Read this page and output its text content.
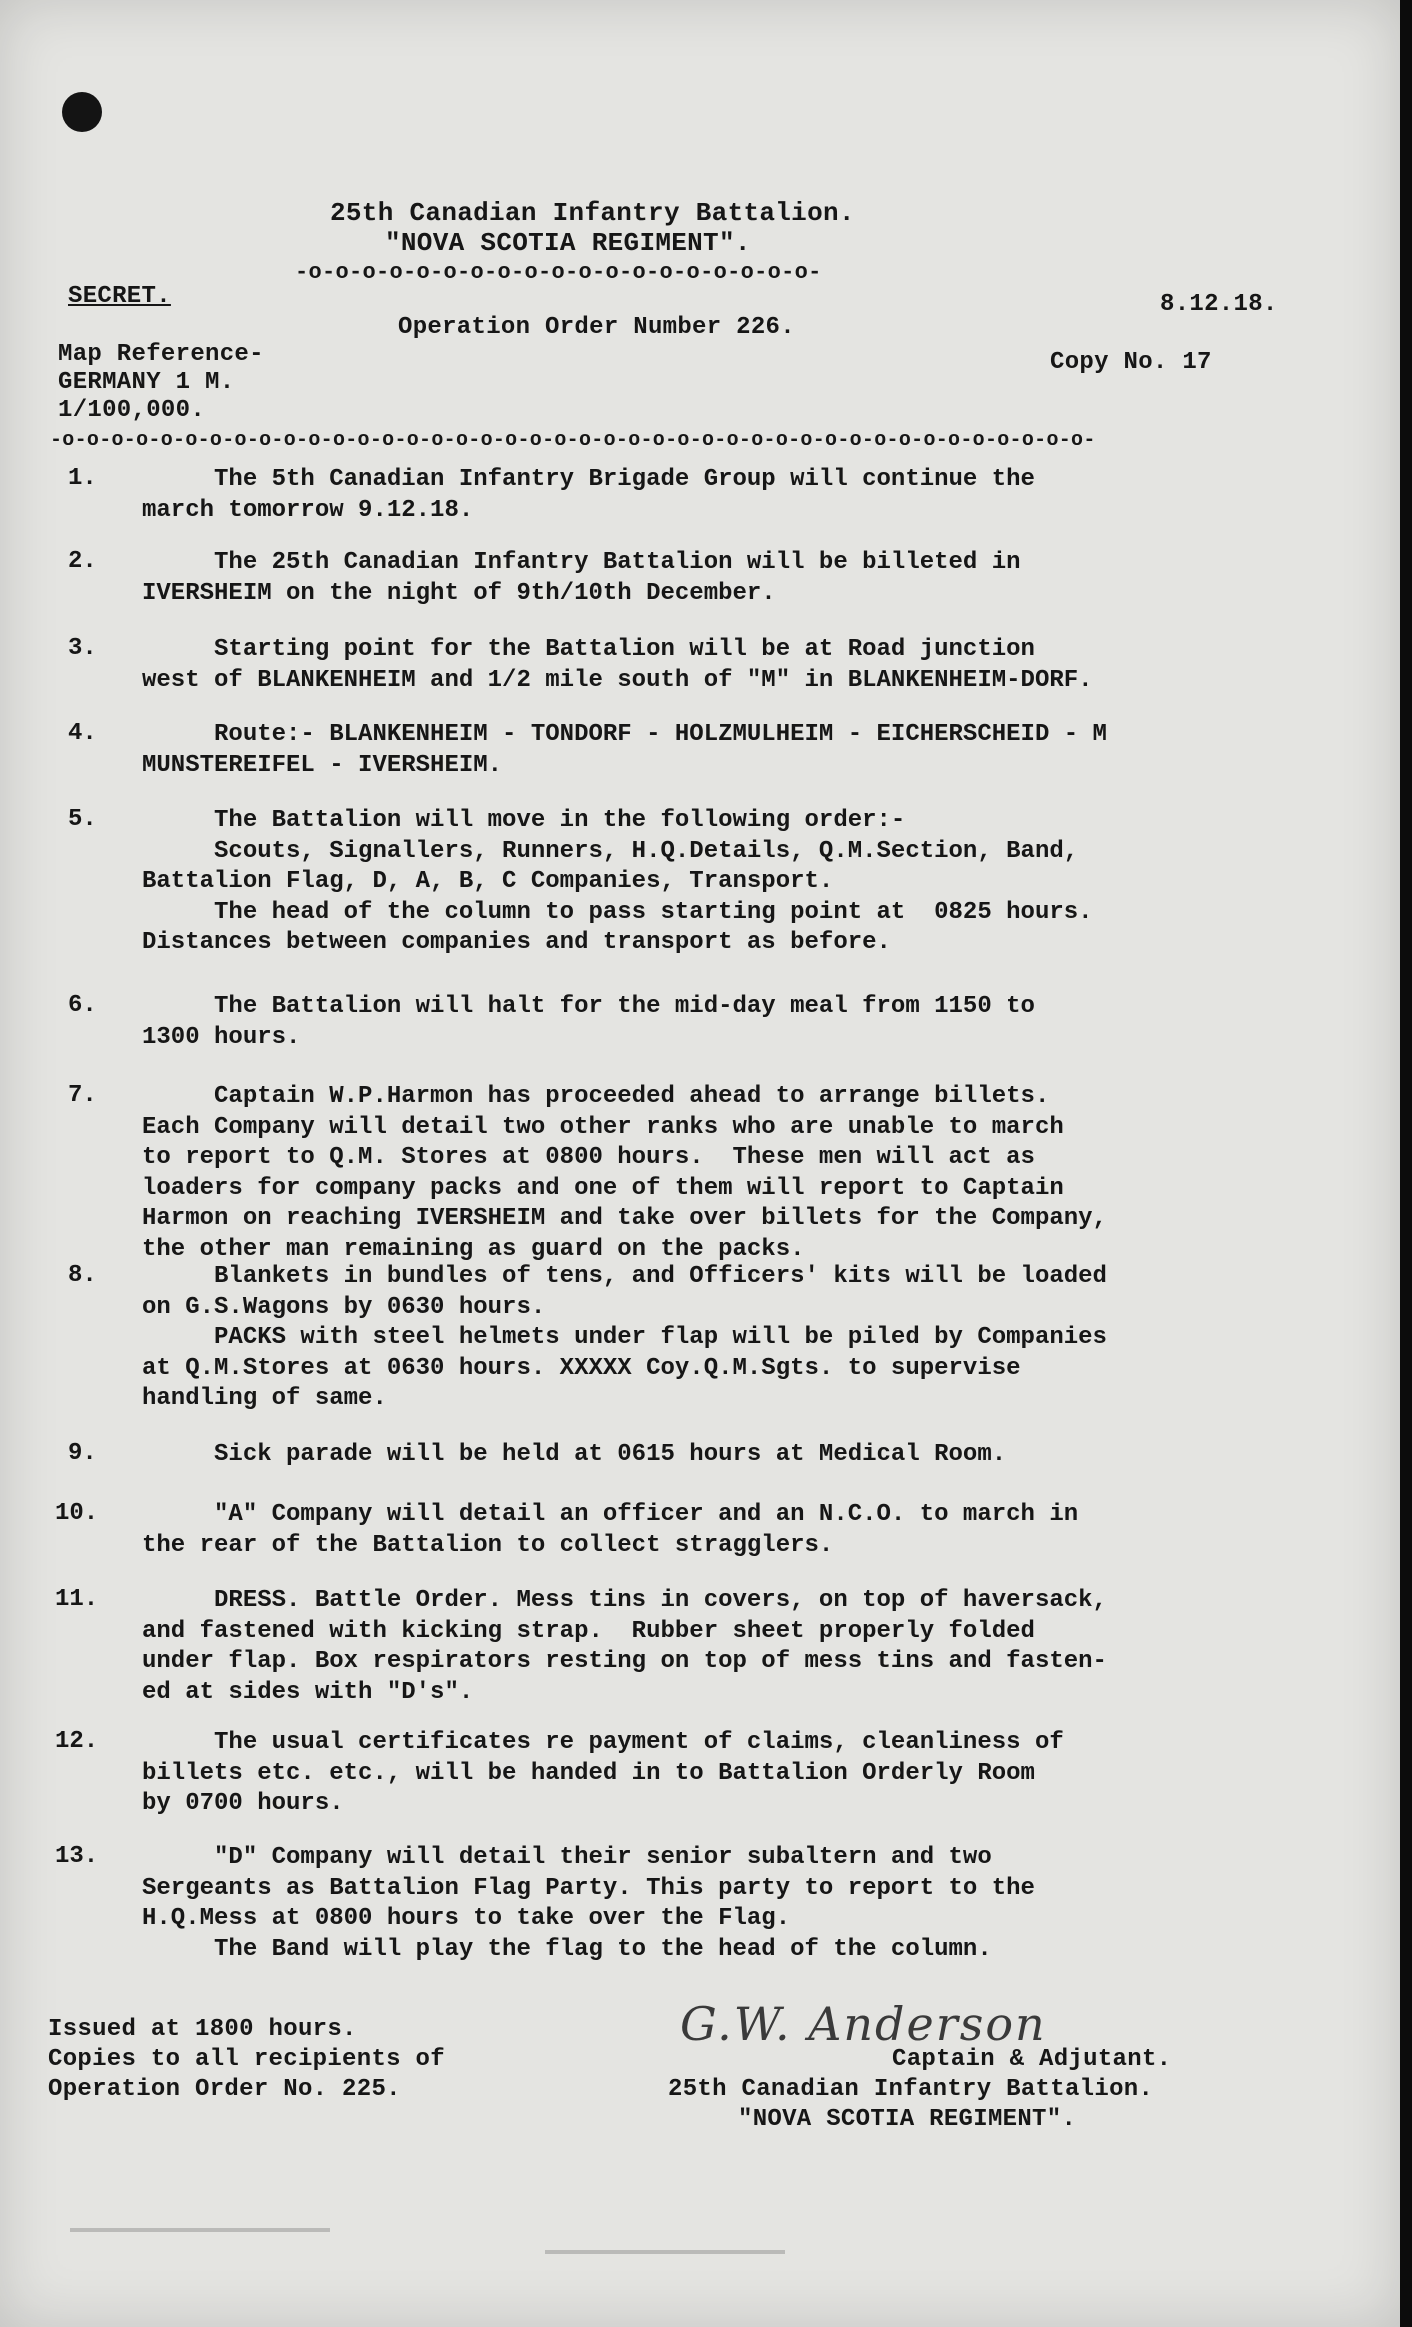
25th Canadian Infantry Battalion.
"NOVA SCOTIA REGIMENT".
-o-o-o-o-o-o-o-o-o-o-o-o-o-o-o-o-o-o-o-
SECRET.
Operation Order Number 226.
8.12.18.
Copy No. 17
Map Reference-
GERMANY 1 M.
1/100,000.
-o-o-o-o-o-o-o-o-o-o-o-o-o-o-o-o-o-o-o-o-o-o-o-o-o-o-o-o-o-o-o-o-o-o-o-o-o-o-o-o-o-o-
1.
2.
3.
4.
5.
6.
7.
8.
9.
10.
11.
12.
13.
The 5th Canadian Infantry Brigade Group will continue the
march tomorrow 9.12.18.
The 25th Canadian Infantry Battalion will be billeted in
IVERSHEIM on the night of 9th/10th December.
Starting point for the Battalion will be at Road junction
west of BLANKENHEIM and 1/2 mile south of "M" in BLANKENHEIM-DORF.
Route:- BLANKENHEIM - TONDORF - HOLZMULHEIM - EICHERSCHEID - M
MUNSTEREIFEL - IVERSHEIM.
The Battalion will move in the following order:-
Scouts, Signallers, Runners, H.Q.Details, Q.M.Section, Band,
Battalion Flag, D, A, B, C Companies, Transport.
The head of the column to pass starting point at  0825 hours.
Distances between companies and transport as before.
The Battalion will halt for the mid-day meal from 1150 to
1300 hours.
Captain W.P.Harmon has proceeded ahead to arrange billets.
Each Company will detail two other ranks who are unable to march
to report to Q.M. Stores at 0800 hours.  These men will act as
loaders for company packs and one of them will report to Captain
Harmon on reaching IVERSHEIM and take over billets for the Company,
the other man remaining as guard on the packs.
Blankets in bundles of tens, and Officers' kits will be loaded
on G.S.Wagons by 0630 hours.
PACKS with steel helmets under flap will be piled by Companies
at Q.M.Stores at 0630 hours. XXXXX Coy.Q.M.Sgts. to supervise
handling of same.
Sick parade will be held at 0615 hours at Medical Room.
"A" Company will detail an officer and an N.C.O. to march in
the rear of the Battalion to collect stragglers.
DRESS. Battle Order. Mess tins in covers, on top of haversack,
and fastened with kicking strap.  Rubber sheet properly folded
under flap. Box respirators resting on top of mess tins and fasten-
ed at sides with "D's".
The usual certificates re payment of claims, cleanliness of
billets etc. etc., will be handed in to Battalion Orderly Room
by 0700 hours.
"D" Company will detail their senior subaltern and two
Sergeants as Battalion Flag Party. This party to report to the
H.Q.Mess at 0800 hours to take over the Flag.
The Band will play the flag to the head of the column.
Issued at 1800 hours.
Copies to all recipients of
Operation Order No. 225.
G.W. Anderson
Captain & Adjutant.
25th Canadian Infantry Battalion.
"NOVA SCOTIA REGIMENT".
